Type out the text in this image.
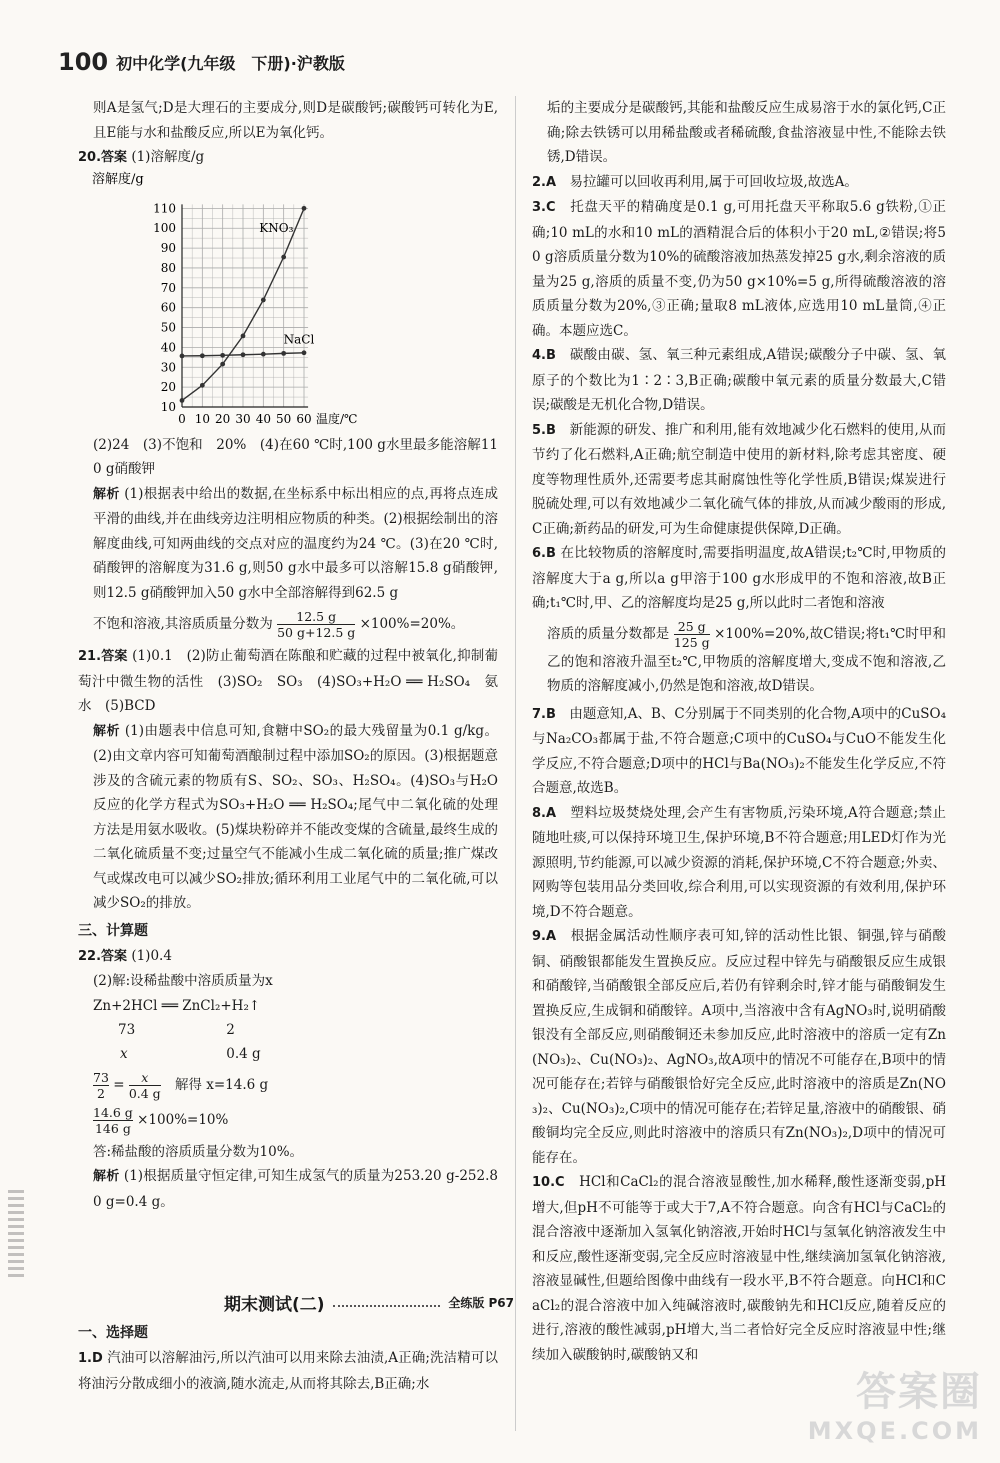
100 初中化学(九年级　下册)·沪教版

则A是氢气;D是大理石的主要成分,则D是碳酸钙;碳酸钙可转化为E,且E能与水和盐酸反应,所以E为氧化钙。

20.答案 (1)溶解度/g

溶解度/g
10
20
30
40
50
60
70
80
90
100
110
0 10 20 30 40 50 60 温度/℃
KNO₃
NaCl

(2)24　(3)不饱和　20%　(4)在60 ℃时,100 g水里最多能溶解110 g硝酸钾

解析 (1)根据表中给出的数据,在坐标系中标出相应的点,再将点连成平滑的曲线,并在曲线旁边注明相应物质的种类。(2)根据绘制出的溶解度曲线,可知两曲线的交点对应的温度约为24 ℃。(3)在20 ℃时,硝酸钾的溶解度为31.6 g,则50 g水中最多可以溶解15.8 g硝酸钾,则12.5 g硝酸钾加入50 g水中全部溶解得到62.5 g

不饱和溶液,其溶质质量分数为 $\frac{12.5 g}{50 g+12.5 g} \times 100\%=20\%$。

21.答案 (1)0.1　(2)防止葡萄酒在陈酿和贮藏的过程中被氧化,抑制葡萄汁中微生物的活性　(3)SO₂　SO₃　(4)SO₃+H₂O ══ H₂SO₄　氨水　(5)BCD

解析 (1)由题表中信息可知,食糖中SO₂的最大残留量为0.1 g/kg。(2)由文章内容可知葡萄酒酿制过程中添加SO₂的原因。(3)根据题意涉及的含硫元素的物质有S、SO₂、SO₃、H₂SO₄。(4)SO₃与H₂O反应的化学方程式为SO₃+H₂O ══ H₂SO₄;尾气中二氧化硫的处理方法是用氨水吸收。(5)煤块粉碎并不能改变煤的含硫量,最终生成的二氧化硫质量不变;过量空气不能减小生成二氧化硫的质量;推广煤改气或煤改电可以减少SO₂排放;循环利用工业尾气中的二氧化硫,可以减少SO₂的排放。

三、计算题

22.答案 (1)0.4

(2)解:设稀盐酸中溶质质量为x

Zn+2HCl ══ ZnCl₂+H₂↑
73	2
x	0.4 g
$\frac{73}{2} = \frac{x}{0.4 g}$ 解得 x=14.6 g
$\frac{14.6 g}{146 g} \times 100\%=10\%$

答:稀盐酸的溶质质量分数为10%。

解析 (1)根据质量守恒定律,可知生成氢气的质量为253.20 g-252.80 g=0.4 g。

期末测试(二)	全练版 P67
一、选择题

1.D 汽油可以溶解油污,所以汽油可以用来除去油渍,A正确;洗洁精可以将油污分散成细小的液滴,随水流走,从而将其除去,B正确;水

垢的主要成分是碳酸钙,其能和盐酸反应生成易溶于水的氯化钙,C正确;除去铁锈可以用稀盐酸或者稀硫酸,食盐溶液显中性,不能除去铁锈,D错误。

2.A　 易拉罐可以回收再利用,属于可回收垃圾,故选A。

3.C　 托盘天平的精确度是0.1 g,可用托盘天平称取5.6 g铁粉,①正确;10 mL的水和10 mL的酒精混合后的体积小于20 mL,②错误;将50 g溶质质量分数为10%的硫酸溶液加热蒸发掉25 g水,剩余溶液的质量为25 g,溶质的质量不变,仍为50 g×10%=5 g,所得硫酸溶液的溶质质量分数为20%,③正确;量取8 mL液体,应选用10 mL量筒,④正确。本题应选C。

4.B　 碳酸由碳、氢、氧三种元素组成,A错误;碳酸分子中碳、氢、氧原子的个数比为1∶2∶3,B正确;碳酸中氧元素的质量分数最大,C错误;碳酸是无机化合物,D错误。

5.B　 新能源的研发、推广和利用,能有效地减少化石燃料的使用,从而节约了化石燃料,A正确;航空制造中使用的新材料,除考虑其密度、硬度等物理性质外,还需要考虑其耐腐蚀性等化学性质,B错误;煤炭进行脱硫处理,可以有效地减少二氧化硫气体的排放,从而减少酸雨的形成,C正确;新药品的研发,可为生命健康提供保障,D正确。

6.B 在比较物质的溶解度时,需要指明温度,故A错误;t₂℃时,甲物质的溶解度大于a g,所以a g甲溶于100 g水形成甲的不饱和溶液,故B正确;t₁℃时,甲、乙的溶解度均是25 g,所以此时二者饱和溶液

溶质的质量分数都是 $\frac{25 g}{125 g} \times 100\%=20\%$,故C错误;将t₁℃时甲和乙的饱和溶液升温至t₂℃,甲物质的溶解度增大,变成不饱和溶液,乙物质的溶解度减小,仍然是饱和溶液,故D错误。

7.B　 由题意知,A、B、C分别属于不同类别的化合物,A项中的CuSO₄与Na₂CO₃都属于盐,不符合题意;C项中的CuSO₄与CuO不能发生化学反应,不符合题意;D项中的HCl与Ba(NO₃)₂不能发生化学反应,不符合题意,故选B。

8.A　 塑料垃圾焚烧处理,会产生有害物质,污染环境,A符合题意;禁止随地吐痰,可以保持环境卫生,保护环境,B不符合题意;用LED灯作为光源照明,节约能源,可以减少资源的消耗,保护环境,C不符合题意;外卖、网购等包装用品分类回收,综合利用,可以实现资源的有效利用,保护环境,D不符合题意。

9.A　 根据金属活动性顺序表可知,锌的活动性比银、铜强,锌与硝酸铜、硝酸银都能发生置换反应。反应过程中锌先与硝酸银反应生成银和硝酸锌,当硝酸银全部反应后,若仍有锌剩余时,锌才能与硝酸铜发生置换反应,生成铜和硝酸锌。A项中,当溶液中含有AgNO₃时,说明硝酸银没有全部反应,则硝酸铜还未参加反应,此时溶液中的溶质一定有Zn(NO₃)₂、Cu(NO₃)₂、AgNO₃,故A项中的情况不可能存在,B项中的情况可能存在;若锌与硝酸银恰好完全反应,此时溶液中的溶质是Zn(NO₃)₂、Cu(NO₃)₂,C项中的情况可能存在;若锌足量,溶液中的硝酸银、硝酸铜均完全反应,则此时溶液中的溶质只有Zn(NO₃)₂,D项中的情况可能存在。

10.C　 HCl和CaCl₂的混合溶液显酸性,加水稀释,酸性逐渐变弱,pH增大,但pH不可能等于或大于7,A不符合题意。向含有HCl与CaCl₂的混合溶液中逐渐加入氢氧化钠溶液,开始时HCl与氢氧化钠溶液发生中和反应,酸性逐渐变弱,完全反应时溶液显中性,继续滴加氢氧化钠溶液,溶液显碱性,但题给图像中曲线有一段水平,B不符合题意。向HCl和CaCl₂的混合溶液中加入纯碱溶液时,碳酸钠先和HCl反应,随着反应的进行,溶液的酸性减弱,pH增大,当二者恰好完全反应时溶液显中性;继续加入碳酸钠时,碳酸钠又和

答案圈
MXQE.COM
